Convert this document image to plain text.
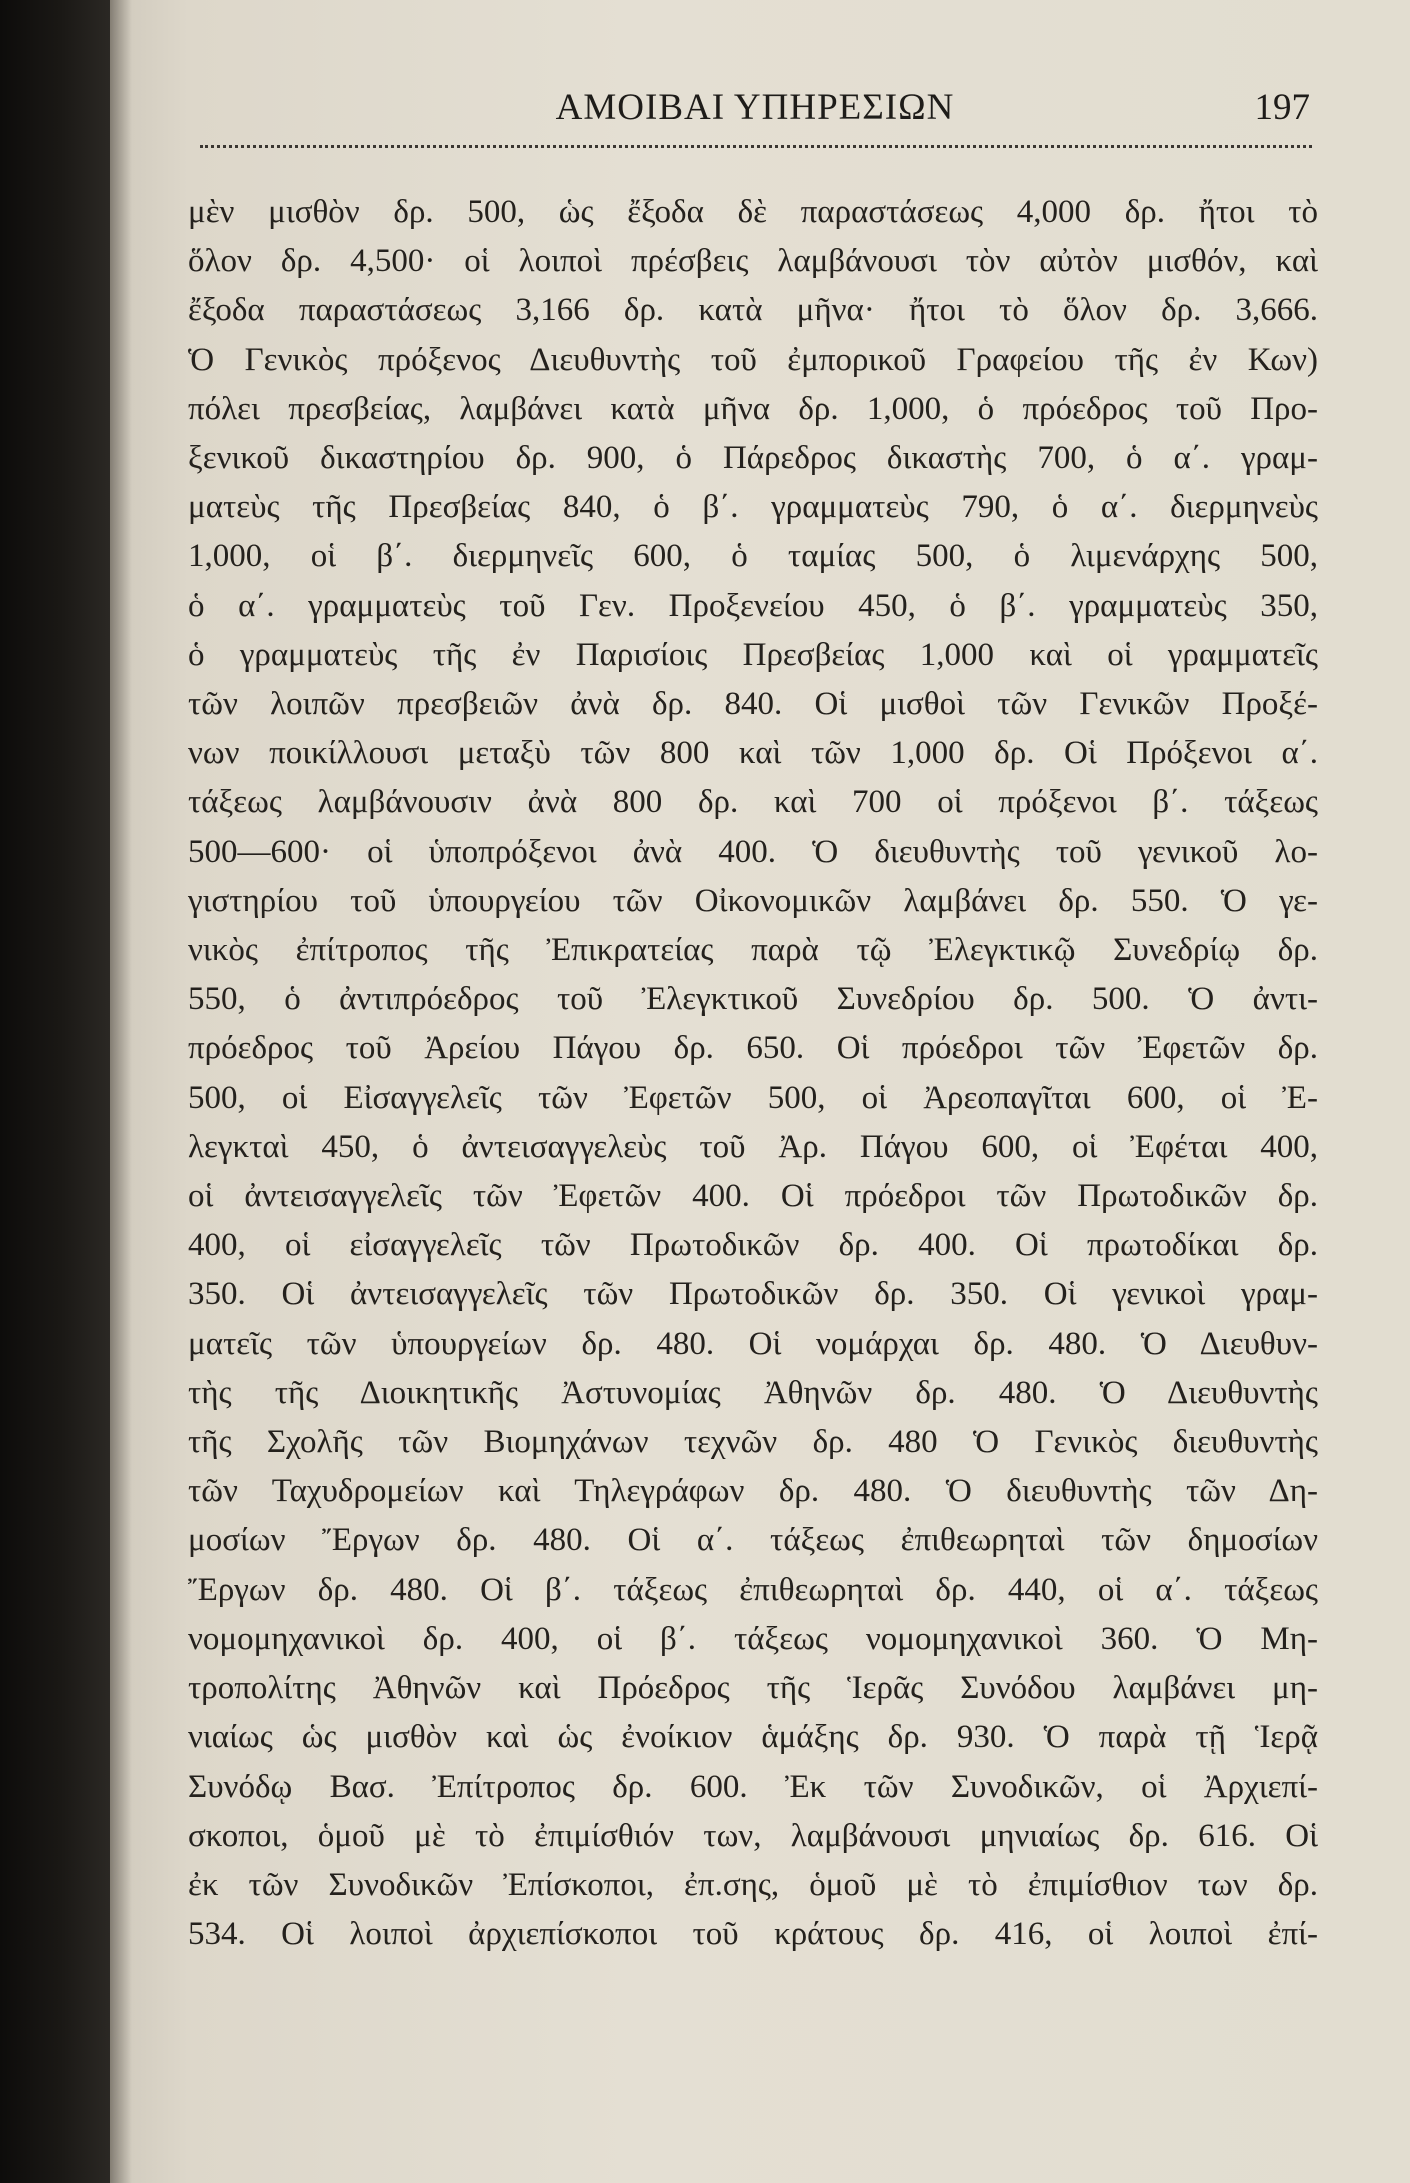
ΑΜΟΙΒΑΙ ΥΠΗΡΕΣΙΩΝ	197
μὲν μισθὸν δρ. 500, ὡς ἔξοδα δὲ παραστάσεως 4,000 δρ. ἤτοι τὸ
ὅλον δρ. 4,500· οἱ λοιποὶ πρέσβεις λαμβάνουσι τὸν αὐτὸν μισθόν, καὶ
ἔξοδα παραστάσεως 3,166 δρ. κατὰ μῆνα· ἤτοι τὸ ὅλον δρ. 3,666.
Ὁ Γενικὸς πρόξενος Διευθυντὴς τοῦ ἐμπορικοῦ Γραφείου τῆς ἐν Κων)
πόλει πρεσβείας, λαμβάνει κατὰ μῆνα δρ. 1,000, ὁ πρόεδρος τοῦ Προ-
ξενικοῦ δικαστηρίου δρ. 900, ὁ Πάρεδρος δικαστὴς 700, ὁ α΄. γραμ-
ματεὺς τῆς Πρεσβείας 840, ὁ β΄. γραμματεὺς 790, ὁ α΄. διερμηνεὺς
1,000, οἱ β΄. διερμηνεῖς 600, ὁ ταμίας 500, ὁ λιμενάρχης 500,
ὁ α΄. γραμματεὺς τοῦ Γεν. Προξενείου 450, ὁ β΄. γραμματεὺς 350,
ὁ γραμματεὺς τῆς ἐν Παρισίοις Πρεσβείας 1,000 καὶ οἱ γραμματεῖς
τῶν λοιπῶν πρεσβειῶν ἀνὰ δρ. 840. Οἱ μισθοὶ τῶν Γενικῶν Προξέ-
νων ποικίλλουσι μεταξὺ τῶν 800 καὶ τῶν 1,000 δρ. Οἱ Πρόξενοι α΄.
τάξεως λαμβάνουσιν ἀνὰ 800 δρ. καὶ 700 οἱ πρόξενοι β΄. τάξεως
500—600· οἱ ὑποπρόξενοι ἀνὰ 400. Ὁ διευθυντὴς τοῦ γενικοῦ λο-
γιστηρίου τοῦ ὑπουργείου τῶν Οἰκονομικῶν λαμβάνει δρ. 550. Ὁ γε-
νικὸς ἐπίτροπος τῆς Ἐπικρατείας παρὰ τῷ Ἐλεγκτικῷ Συνεδρίῳ δρ.
550, ὁ ἀντιπρόεδρος τοῦ Ἐλεγκτικοῦ Συνεδρίου δρ. 500. Ὁ ἀντι-
πρόεδρος τοῦ Ἀρείου Πάγου δρ. 650. Οἱ πρόεδροι τῶν Ἐφετῶν δρ.
500, οἱ Εἰσαγγελεῖς τῶν Ἐφετῶν 500, οἱ Ἀρεοπαγῖται 600, οἱ Ἐ-
λεγκταὶ 450, ὁ ἀντεισαγγελεὺς τοῦ Ἀρ. Πάγου 600, οἱ Ἐφέται 400,
οἱ ἀντεισαγγελεῖς τῶν Ἐφετῶν 400. Οἱ πρόεδροι τῶν Πρωτοδικῶν δρ.
400, οἱ εἰσαγγελεῖς τῶν Πρωτοδικῶν δρ. 400. Οἱ πρωτοδίκαι δρ.
350. Οἱ ἀντεισαγγελεῖς τῶν Πρωτοδικῶν δρ. 350. Οἱ γενικοὶ γραμ-
ματεῖς τῶν ὑπουργείων δρ. 480. Οἱ νομάρχαι δρ. 480. Ὁ Διευθυν-
τὴς τῆς Διοικητικῆς Ἀστυνομίας Ἀθηνῶν δρ. 480. Ὁ Διευθυντὴς
τῆς Σχολῆς τῶν Βιομηχάνων τεχνῶν δρ. 480 Ὁ Γενικὸς διευθυντὴς
τῶν Ταχυδρομείων καὶ Τηλεγράφων δρ. 480. Ὁ διευθυντὴς τῶν Δη-
μοσίων Ἔργων δρ. 480. Οἱ α΄. τάξεως ἐπιθεωρηταὶ τῶν δημοσίων
Ἔργων δρ. 480. Οἱ β΄. τάξεως ἐπιθεωρηταὶ δρ. 440, οἱ α΄. τάξεως
νομομηχανικοὶ δρ. 400, οἱ β΄. τάξεως νομομηχανικοὶ 360. Ὁ Μη-
τροπολίτης Ἀθηνῶν καὶ Πρόεδρος τῆς Ἱερᾶς Συνόδου λαμβάνει μη-
νιαίως ὡς μισθὸν καὶ ὡς ἐνοίκιον ἁμάξης δρ. 930. Ὁ παρὰ τῇ Ἱερᾷ
Συνόδῳ Βασ. Ἐπίτροπος δρ. 600. Ἐκ τῶν Συνοδικῶν, οἱ Ἀρχιεπί-
σκοποι, ὁμοῦ μὲ τὸ ἐπιμίσθιόν των, λαμβάνουσι μηνιαίως δρ. 616. Οἱ
ἐκ τῶν Συνοδικῶν Ἐπίσκοποι, ἐπ.σης, ὁμοῦ μὲ τὸ ἐπιμίσθιον των δρ.
534. Οἱ λοιποὶ ἀρχιεπίσκοποι τοῦ κράτους δρ. 416, οἱ λοιποὶ ἐπί-
